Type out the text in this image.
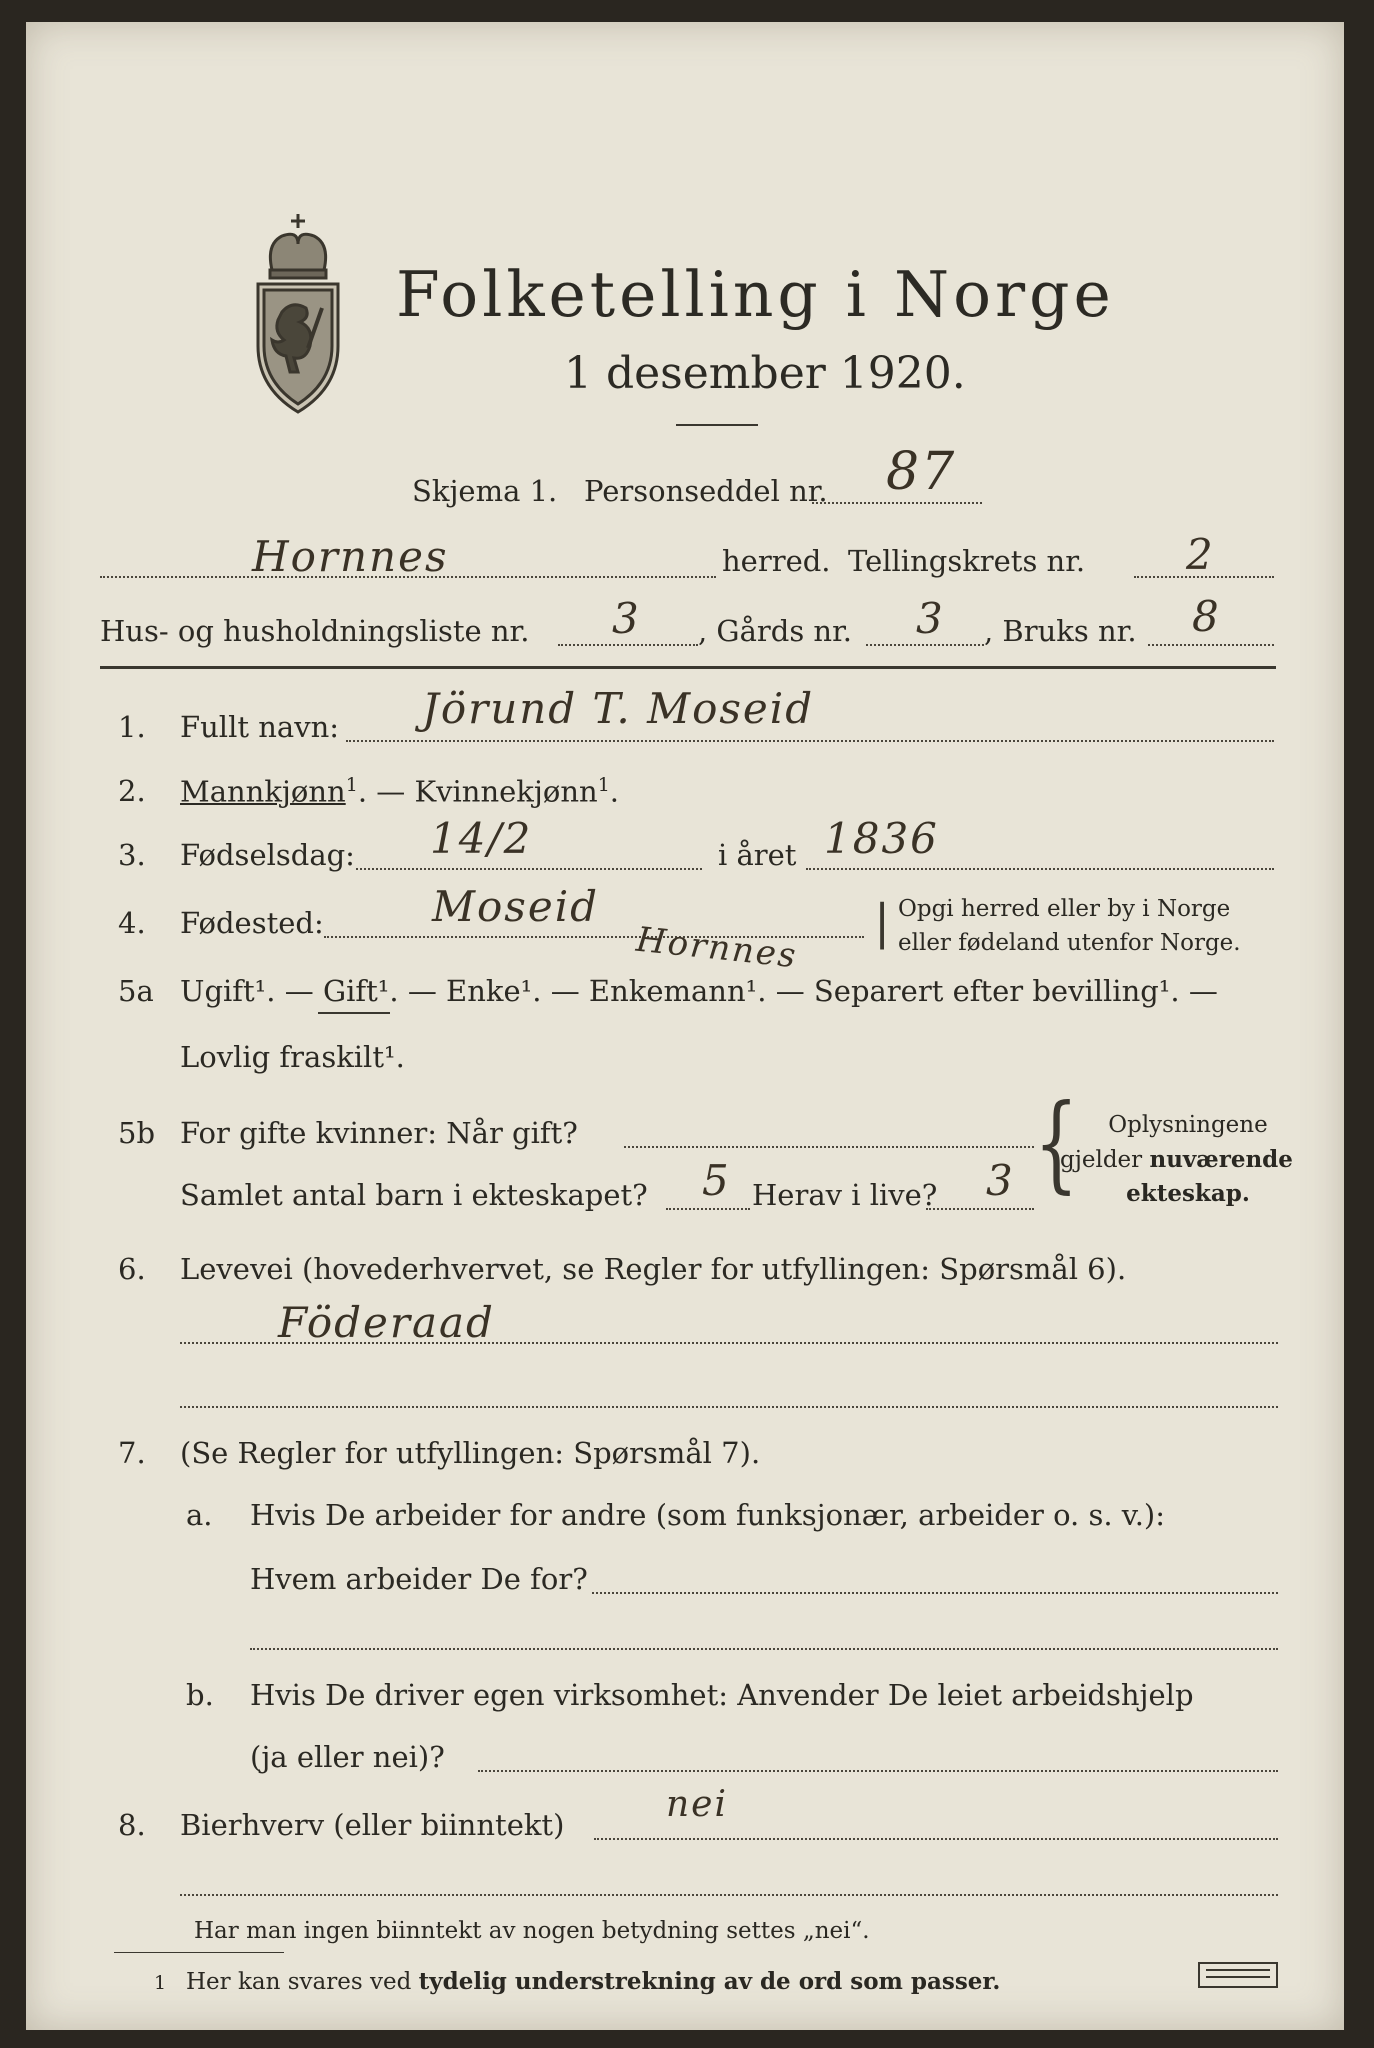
Folketelling i Norge
1 desember 1920.
Skjema 1. Personseddel nr. 87
Hornnes	herred. Tellingskrets nr. 2
Hus- og husholdningsliste nr. 3 , Gårds nr. 3 , Bruks nr. 8
1. Fullt navn: Jörund T. Moseid
2. Mannkjønn$^1$. — Kvinnekjønn$^1$.
3. Fødselsdag: 14/2	i året 1836
4. Fødested:	Moseid
Hornnes | Opgi herred eller by i Norge
eller fødeland utenfor Norge.
5a Ugift¹. — Gift¹. — Enke¹. — Enkemann¹. — Separert efter bevilling¹. —
Lovlig fraskilt¹.
5b For gifte kvinner: Når gift?
Samlet antal barn i ekteskapet? 5 Herav i live? 3 {	Oplysningene
gjelder nuværende
ekteskap.
6. Levevei (hovederhvervet, se Regler for utfyllingen: Spørsmål 6).
Föderaad
7. (Se Regler for utfyllingen: Spørsmål 7).
a. Hvis De arbeider for andre (som funksjonær, arbeider o. s. v.):
Hvem arbeider De for?
b. Hvis De driver egen virksomhet: Anvender De leiet arbeidshjelp
(ja eller nei)?
8. Bierhverv (eller biinntekt)	nei
Har man ingen biinntekt av nogen betydning settes „nei“.
1 Her kan svares ved tydelig understrekning av de ord som passer.
